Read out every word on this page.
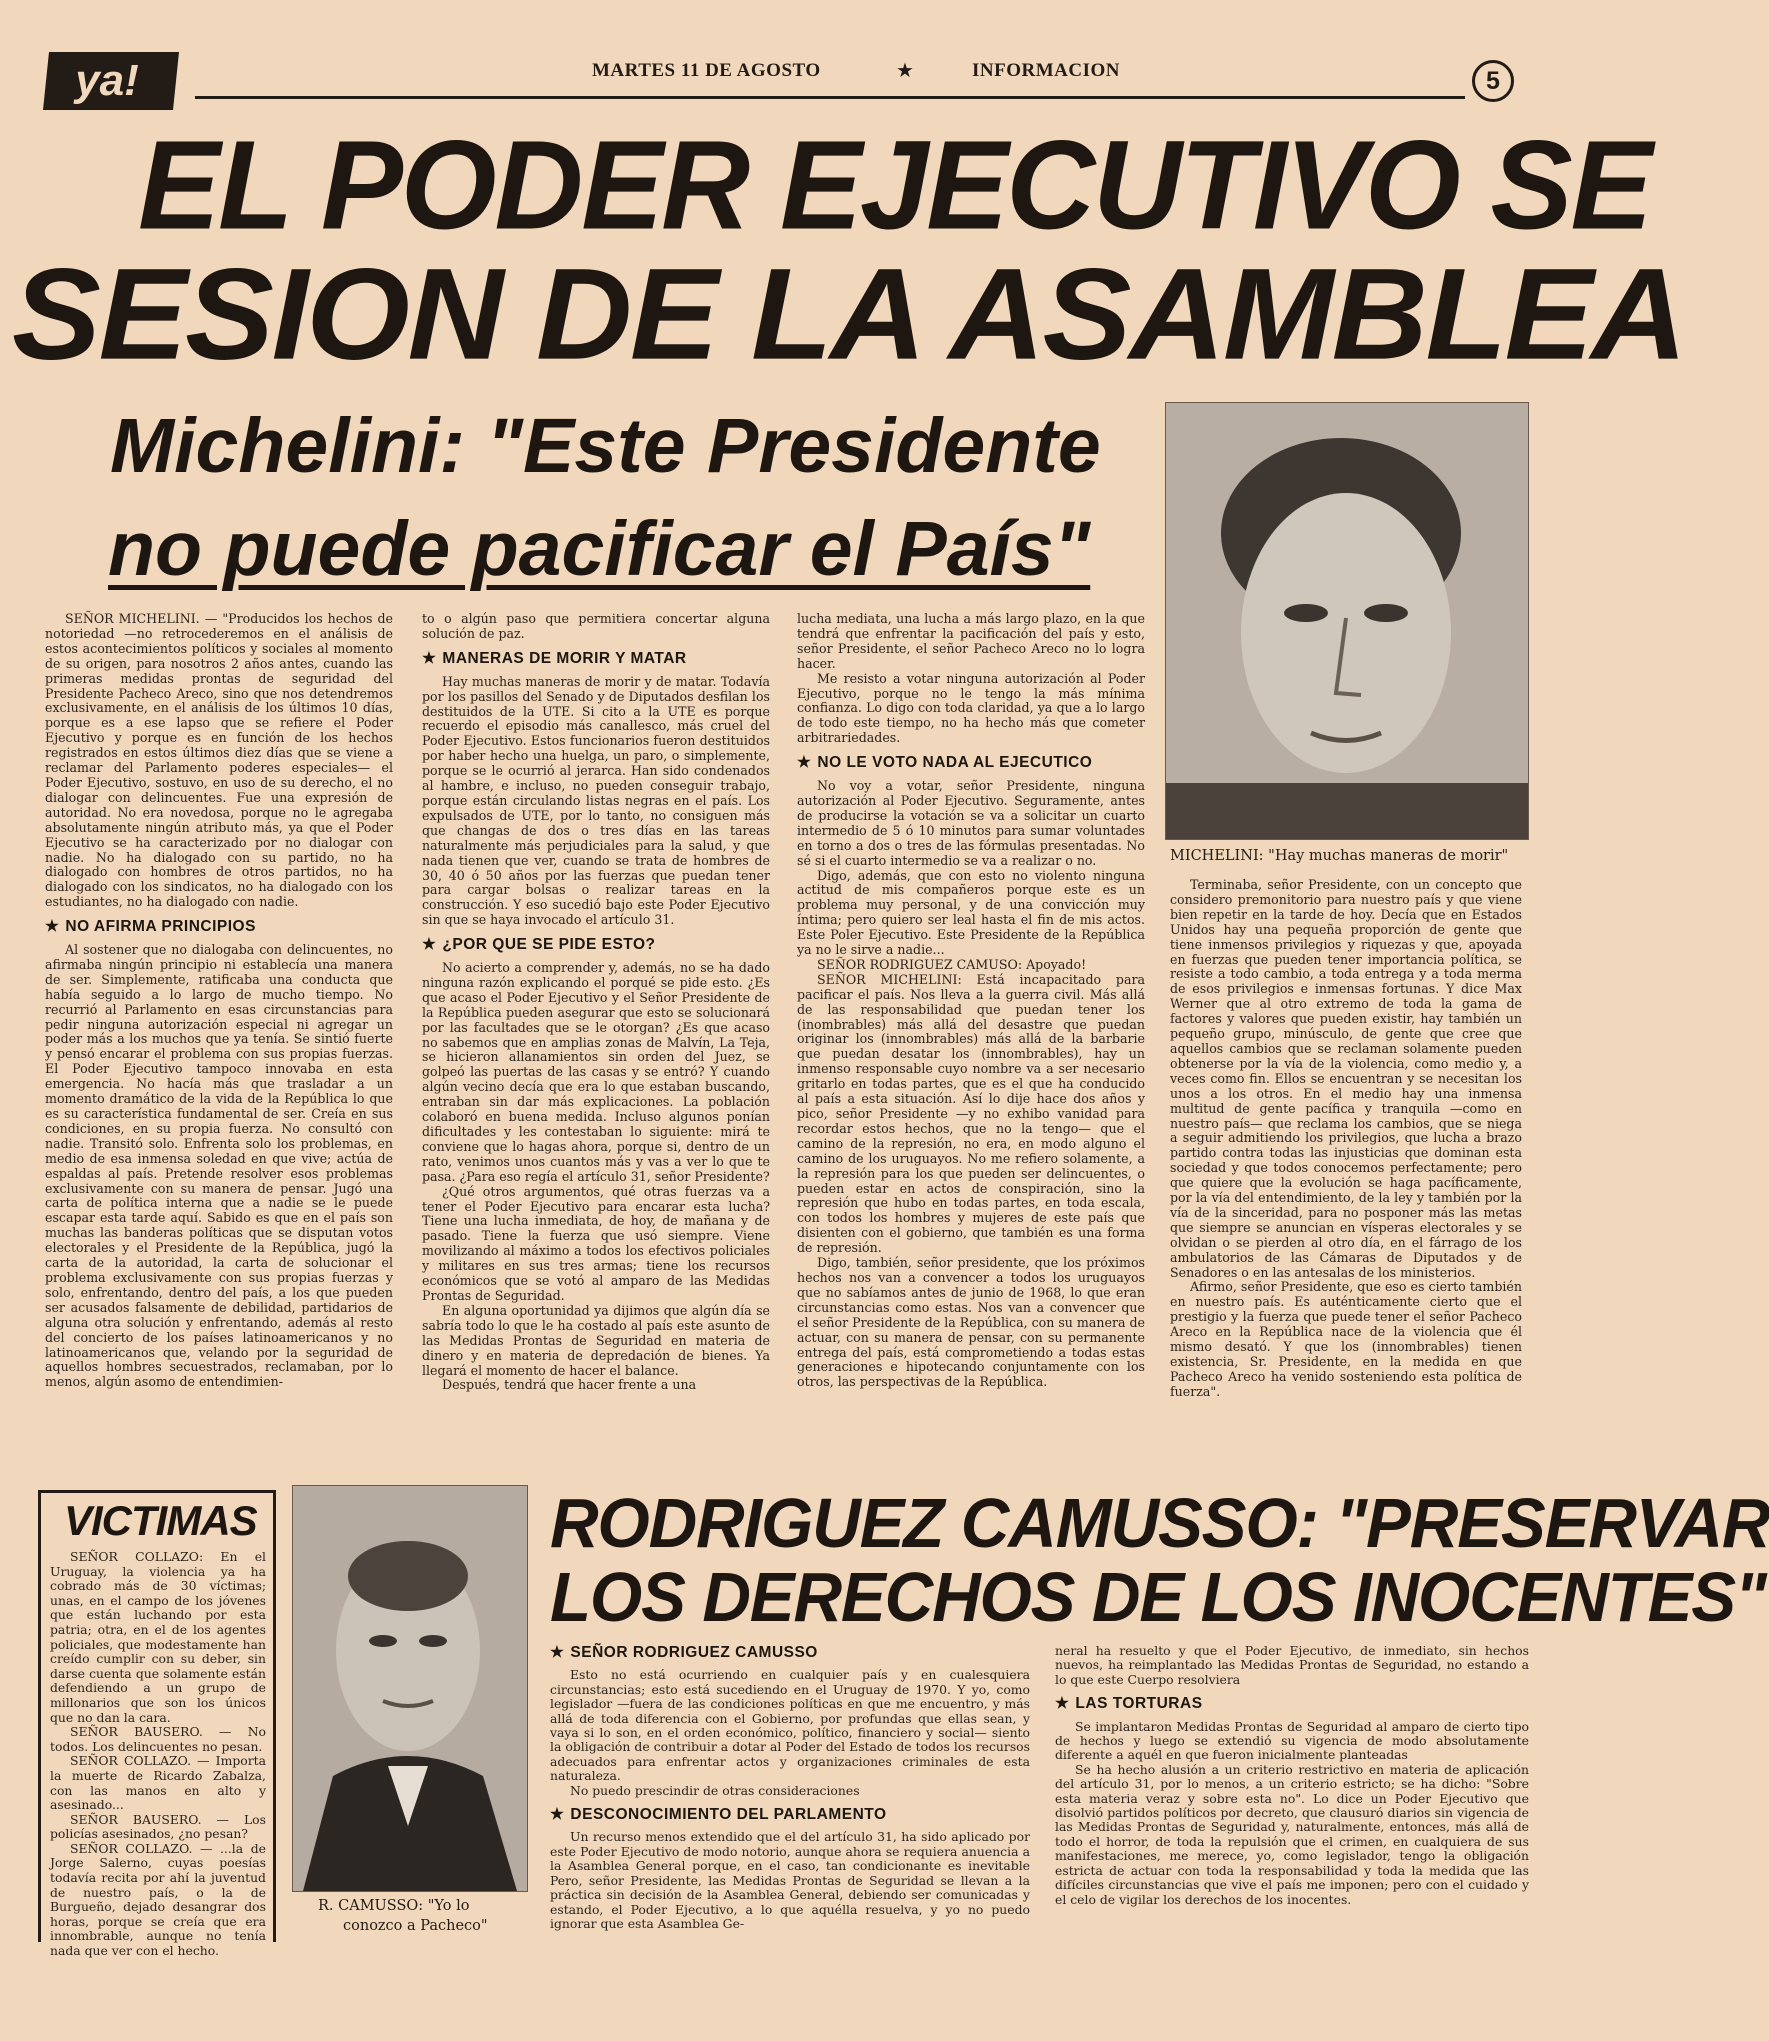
ya!	MARTES 11 DE AGOSTO	★	INFORMACION	5
EL PODER EJECUTIVO SE
SESION DE LA ASAMBLEA
Michelini: "Este Presidente
no puede pacificar el País"
MICHELINI: "Hay muchas maneras de morir"

SEÑOR MICHELINI. — "Producidos los hechos de notoriedad —no retrocederemos en el análisis de estos acontecimientos políticos y sociales al momento de su origen, para nosotros 2 años antes, cuando las primeras medidas prontas de seguridad del Presidente Pacheco Areco, sino que nos detendremos exclusivamente, en el análisis de los últimos 10 días, porque es a ese lapso que se refiere el Poder Ejecutivo y porque es en función de los hechos registrados en estos últimos diez días que se viene a reclamar del Parlamento poderes especiales— el Poder Ejecutivo, sostuvo, en uso de su derecho, el no dialogar con delincuentes. Fue una expresión de autoridad. No era novedosa, porque no le agregaba absolutamente ningún atributo más, ya que el Poder Ejecutivo se ha caracterizado por no dialogar con nadie. No ha dialogado con su partido, no ha dialogado con hombres de otros partidos, no ha dialogado con los sindicatos, no ha dialogado con los estudiantes, no ha dialogado con nadie.

★ NO AFIRMA PRINCIPIOS

Al sostener que no dialogaba con delincuentes, no afirmaba ningún principio ni establecía una manera de ser. Simplemente, ratificaba una conducta que había seguido a lo largo de mucho tiempo. No recurrió al Parlamento en esas circunstancias para pedir ninguna autorización especial ni agregar un poder más a los muchos que ya tenía. Se sintió fuerte y pensó encarar el problema con sus propias fuerzas. El Poder Ejecutivo tampoco innovaba en esta emergencia. No hacía más que trasladar a un momento dramático de la vida de la República lo que es su característica fundamental de ser. Creía en sus condiciones, en su propia fuerza. No consultó con nadie. Transitó solo. Enfrenta solo los problemas, en medio de esa inmensa soledad en que vive; actúa de espaldas al país. Pretende resolver esos problemas exclusivamente con su manera de pensar. Jugó una carta de política interna que a nadie se le puede escapar esta tarde aquí. Sabido es que en el país son muchas las banderas políticas que se disputan votos electorales y el Presidente de la República, jugó la carta de la autoridad, la carta de solucionar el problema exclusivamente con sus propias fuerzas y solo, enfrentando, dentro del país, a los que pueden ser acusados falsamente de debilidad, partidarios de alguna otra solución y enfrentando, además al resto del concierto de los países latinoamericanos y no latinoamericanos que, velando por la seguridad de aquellos hombres secuestrados, reclamaban, por lo menos, algún asomo de entendimien-

to o algún paso que permitiera concertar alguna solución de paz.

★ MANERAS DE MORIR Y MATAR

Hay muchas maneras de morir y de matar. Todavía por los pasillos del Senado y de Diputados desfilan los destituidos de la UTE. Si cito a la UTE es porque recuerdo el episodio más canallesco, más cruel del Poder Ejecutivo. Estos funcionarios fueron destituidos por haber hecho una huelga, un paro, o simplemente, porque se le ocurrió al jerarca. Han sido condenados al hambre, e incluso, no pueden conseguir trabajo, porque están circulando listas negras en el país. Los expulsados de UTE, por lo tanto, no consiguen más que changas de dos o tres días en las tareas naturalmente más perjudiciales para la salud, y que nada tienen que ver, cuando se trata de hombres de 30, 40 ó 50 años por las fuerzas que puedan tener para cargar bolsas o realizar tareas en la construcción. Y eso sucedió bajo este Poder Ejecutivo sin que se haya invocado el artículo 31.

★ ¿POR QUE SE PIDE ESTO?

No acierto a comprender y, además, no se ha dado ninguna razón explicando el porqué se pide esto. ¿Es que acaso el Poder Ejecutivo y el Señor Presidente de la República pueden asegurar que esto se solucionará por las facultades que se le otorgan? ¿Es que acaso no sabemos que en amplias zonas de Malvín, La Teja, se hicieron allanamientos sin orden del Juez, se golpeó las puertas de las casas y se entró? Y cuando algún vecino decía que era lo que estaban buscando, entraban sin dar más explicaciones. La población colaboró en buena medida. Incluso algunos ponían dificultades y les contestaban lo siguiente: mirá te conviene que lo hagas ahora, porque si, dentro de un rato, venimos unos cuantos más y vas a ver lo que te pasa. ¿Para eso regía el artículo 31, señor Presidente?

¿Qué otros argumentos, qué otras fuerzas va a tener el Poder Ejecutivo para encarar esta lucha? Tiene una lucha inmediata, de hoy, de mañana y de pasado. Tiene la fuerza que usó siempre. Viene movilizando al máximo a todos los efectivos policiales y militares en sus tres armas; tiene los recursos económicos que se votó al amparo de las Medidas Prontas de Seguridad.

En alguna oportunidad ya dijimos que algún día se sabría todo lo que le ha costado al país este asunto de las Medidas Prontas de Seguridad en materia de dinero y en materia de depredación de bienes. Ya llegará el momento de hacer el balance.

Después, tendrá que hacer frente a una

lucha mediata, una lucha a más largo plazo, en la que tendrá que enfrentar la pacificación del país y esto, señor Presidente, el señor Pacheco Areco no lo logra hacer.

Me resisto a votar ninguna autorización al Poder Ejecutivo, porque no le tengo la más mínima confianza. Lo digo con toda claridad, ya que a lo largo de todo este tiempo, no ha hecho más que cometer arbitrariedades.

★ NO LE VOTO NADA AL EJECUTICO

No voy a votar, señor Presidente, ninguna autorización al Poder Ejecutivo. Seguramente, antes de producirse la votación se va a solicitar un cuarto intermedio de 5 ó 10 minutos para sumar voluntades en torno a dos o tres de las fórmulas presentadas. No sé si el cuarto intermedio se va a realizar o no.

Digo, además, que con esto no violento ninguna actitud de mis compañeros porque este es un problema muy personal, y de una convicción muy íntima; pero quiero ser leal hasta el fin de mis actos. Este Poler Ejecutivo. Este Presidente de la República ya no le sirve a nadie...

SEÑOR RODRIGUEZ CAMUSO: Apoyado!

SEÑOR MICHELINI: Está incapacitado para pacificar el país. Nos lleva a la guerra civil. Más allá de las responsabilidad que puedan tener los (inombrables) más allá del desastre que puedan originar los (innombrables) más allá de la barbarie que puedan desatar los (innombrables), hay un inmenso responsable cuyo nombre va a ser necesario gritarlo en todas partes, que es el que ha conducido al país a esta situación. Así lo dije hace dos años y pico, señor Presidente —y no exhibo vanidad para recordar estos hechos, que no la tengo— que el camino de la represión, no era, en modo alguno el camino de los uruguayos. No me refiero solamente, a la represión para los que pueden ser delincuentes, o pueden estar en actos de conspiración, sino la represión que hubo en todas partes, en toda escala, con todos los hombres y mujeres de este país que disienten con el gobierno, que también es una forma de represión.

Digo, también, señor presidente, que los próximos hechos nos van a convencer a todos los uruguayos que no sabíamos antes de junio de 1968, lo que eran circunstancias como estas. Nos van a convencer que el señor Presidente de la República, con su manera de actuar, con su manera de pensar, con su permanente entrega del país, está comprometiendo a todas estas generaciones e hipotecando conjuntamente con los otros, las perspectivas de la República.

Terminaba, señor Presidente, con un concepto que considero premonitorio para nuestro país y que viene bien repetir en la tarde de hoy. Decía que en Estados Unidos hay una pequeña proporción de gente que tiene inmensos privilegios y riquezas y que, apoyada en fuerzas que pueden tener importancia política, se resiste a todo cambio, a toda entrega y a toda merma de esos privilegios e inmensas fortunas. Y dice Max Werner que al otro extremo de toda la gama de factores y valores que pueden existir, hay también un pequeño grupo, minúsculo, de gente que cree que aquellos cambios que se reclaman solamente pueden obtenerse por la vía de la violencia, como medio y, a veces como fin. Ellos se encuentran y se necesitan los unos a los otros. En el medio hay una inmensa multitud de gente pacífica y tranquila —como en nuestro país— que reclama los cambios, que se niega a seguir admitiendo los privilegios, que lucha a brazo partido contra todas las injusticias que dominan esta sociedad y que todos conocemos perfectamente; pero que quiere que la evolución se haga pacíficamente, por la vía del entendimiento, de la ley y también por la vía de la sinceridad, para no posponer más las metas que siempre se anuncian en vísperas electorales y se olvidan o se pierden al otro día, en el fárrago de los ambulatorios de las Cámaras de Diputados y de Senadores o en las antesalas de los ministerios.

Afirmo, señor Presidente, que eso es cierto también en nuestro país. Es auténticamente cierto que el prestigio y la fuerza que puede tener el señor Pacheco Areco en la República nace de la violencia que él mismo desató. Y que los (innombrables) tienen existencia, Sr. Presidente, en la medida en que Pacheco Areco ha venido sosteniendo esta política de fuerza".

VICTIMAS

SEÑOR COLLAZO: En el Uruguay, la violencia ya ha cobrado más de 30 víctimas; unas, en el campo de los jóvenes que están luchando por esta patria; otra, en el de los agentes policiales, que modestamente han creído cumplir con su deber, sin darse cuenta que solamente están defendiendo a un grupo de millonarios que son los únicos que no dan la cara.

SEÑOR BAUSERO. — No todos. Los delincuentes no pesan.

SEÑOR COLLAZO. — Importa la muerte de Ricardo Zabalza, con las manos en alto y asesinado...

SEÑOR BAUSERO. — Los policías asesinados, ¿no pesan?

SEÑOR COLLAZO. — ...la de Jorge Salerno, cuyas poesías todavía recita por ahí la juventud de nuestro país, o la de Burgueño, dejado desangrar dos horas, porque se creía que era innombrable, aunque no tenía nada que ver con el hecho.

R. CAMUSSO: "Yo lo
conozco a Pacheco"
RODRIGUEZ CAMUSSO: "PRESERVAR
LOS DERECHOS DE LOS INOCENTES"
★ SEÑOR RODRIGUEZ CAMUSSO

Esto no está ocurriendo en cualquier país y en cualesquiera circunstancias; esto está sucediendo en el Uruguay de 1970. Y yo, como legislador —fuera de las condiciones políticas en que me encuentro, y más allá de toda diferencia con el Gobierno, por profundas que ellas sean, y vaya si lo son, en el orden económico, político, financiero y social— siento la obligación de contribuir a dotar al Poder del Estado de todos los recursos adecuados para enfrentar actos y organizaciones criminales de esta naturaleza.

No puedo prescindir de otras consideraciones

★ DESCONOCIMIENTO DEL PARLAMENTO

Un recurso menos extendido que el del artículo 31, ha sido aplicado por este Poder Ejecutivo de modo notorio, aunque ahora se requiera anuencia a la Asamblea General porque, en el caso, tan condicionante es inevitable Pero, señor Presidente, las Medidas Prontas de Seguridad se llevan a la práctica sin decisión de la Asamblea General, debiendo ser comunicadas y estando, el Poder Ejecutivo, a lo que aquélla resuelva, y yo no puedo ignorar que esta Asamblea Ge-

neral ha resuelto y que el Poder Ejecutivo, de inmediato, sin hechos nuevos, ha reimplantado las Medidas Prontas de Seguridad, no estando a lo que este Cuerpo resolviera

★ LAS TORTURAS

Se implantaron Medidas Prontas de Seguridad al amparo de cierto tipo de hechos y luego se extendió su vigencia de modo absolutamente diferente a aquél en que fueron inicialmente planteadas

Se ha hecho alusión a un criterio restrictivo en materia de aplicación del artículo 31, por lo menos, a un criterio estricto; se ha dicho: "Sobre esta materia veraz y sobre esta no". Lo dice un Poder Ejecutivo que disolvió partidos políticos por decreto, que clausuró diarios sin vigencia de las Medidas Prontas de Seguridad y, naturalmente, entonces, más allá de todo el horror, de toda la repulsión que el crimen, en cualquiera de sus manifestaciones, me merece, yo, como legislador, tengo la obligación estricta de actuar con toda la responsabilidad y toda la medida que las difíciles circunstancias que vive el país me imponen; pero con el cuidado y el celo de vigilar los derechos de los inocentes.
